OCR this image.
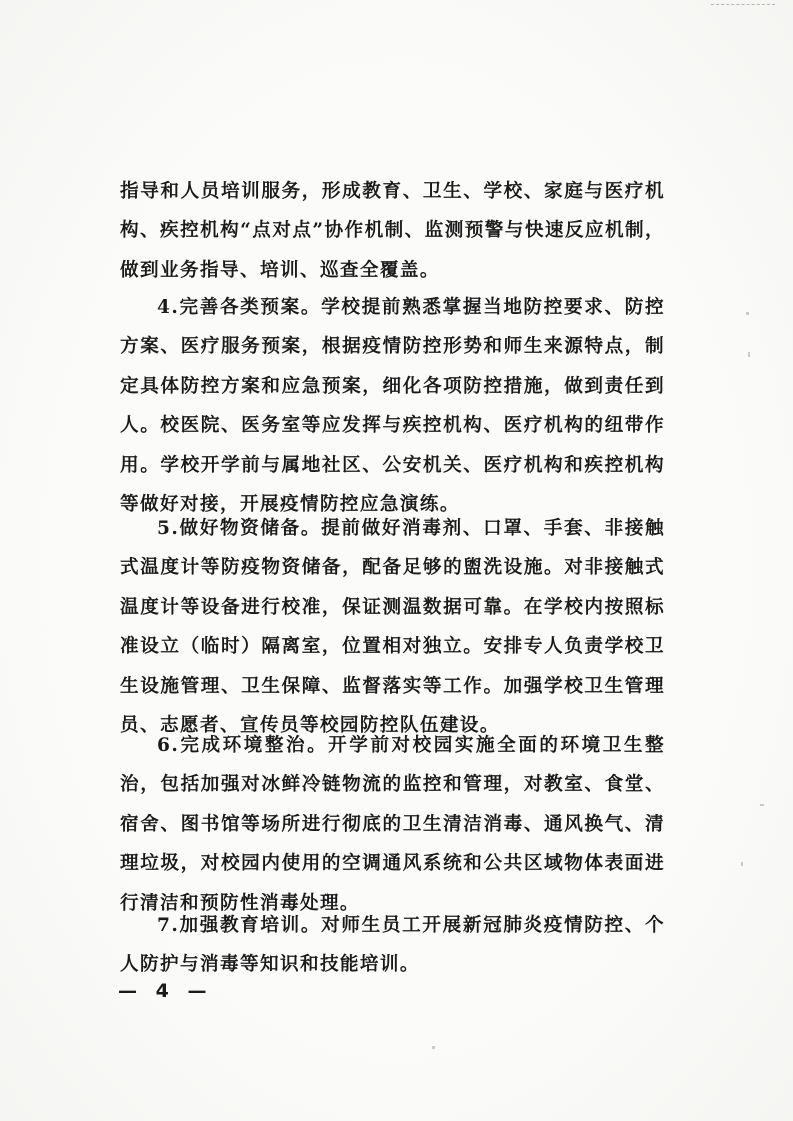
指导和人员培训服务，形成教育、卫生、学校、家庭与医疗机构、疾控机构“点对点”协作机制、监测预警与快速反应机制，做到业务指导、培训、巡查全覆盖。

4.完善各类预案。学校提前熟悉掌握当地防控要求、防控方案、医疗服务预案，根据疫情防控形势和师生来源特点，制定具体防控方案和应急预案，细化各项防控措施，做到责任到人。校医院、医务室等应发挥与疾控机构、医疗机构的纽带作用。学校开学前与属地社区、公安机关、医疗机构和疾控机构等做好对接，开展疫情防控应急演练。

5.做好物资储备。提前做好消毒剂、口罩、手套、非接触式温度计等防疫物资储备，配备足够的盥洗设施。对非接触式温度计等设备进行校准，保证测温数据可靠。在学校内按照标准设立（临时）隔离室，位置相对独立。安排专人负责学校卫生设施管理、卫生保障、监督落实等工作。加强学校卫生管理员、志愿者、宣传员等校园防控队伍建设。

6.完成环境整治。开学前对校园实施全面的环境卫生整治，包括加强对冰鲜冷链物流的监控和管理，对教室、食堂、宿舍、图书馆等场所进行彻底的卫生清洁消毒、通风换气、清理垃圾，对校园内使用的空调通风系统和公共区域物体表面进行清洁和预防性消毒处理。

7.加强教育培训。对师生员工开展新冠肺炎疫情防控、个人防护与消毒等知识和技能培训。

— 4 —
